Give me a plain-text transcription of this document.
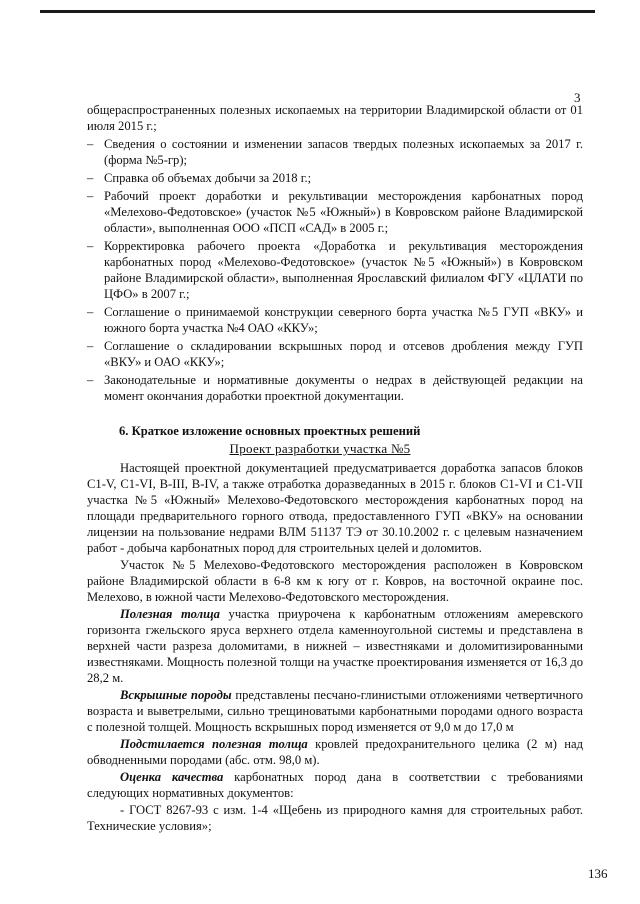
3

общераспространенных полезных ископаемых на территории Владимирской области от 01 июля 2015 г.;

– Сведения о состоянии и изменении запасов твердых полезных ископаемых за 2017 г. (форма №5-гр);
– Справка об объемах добычи за 2018 г.;
– Рабочий проект доработки и рекультивации месторождения карбонатных пород «Мелехово-Федотовское» (участок №5 «Южный») в Ковровском районе Владимирской области», выполненная ООО «ПСП «САД» в 2005 г.;
– Корректировка рабочего проекта «Доработка и рекультивация месторождения карбонатных пород «Мелехово-Федотовское» (участок №5 «Южный») в Ковровском районе Владимирской области», выполненная Ярославский филиалом ФГУ «ЦЛАТИ по ЦФО» в 2007 г.;
– Соглашение о принимаемой конструкции северного борта участка №5 ГУП «ВКУ» и южного борта участка №4 ОАО «ККУ»;
– Соглашение о складировании вскрышных пород и отсевов дробления между ГУП «ВКУ» и ОАО «ККУ»;
– Законодательные и нормативные документы о недрах в действующей редакции на момент окончания доработки проектной документации.
6. Краткое изложение основных проектных решений
Проект разработки участка №5

Настоящей проектной документацией предусматривается доработка запасов блоков C1-V, C1-VI, B-III, B-IV, а также отработка доразведанных в 2015 г. блоков C1-VI и C1-VII участка №5 «Южный» Мелехово-Федотовского месторождения карбонатных пород на площади предварительного горного отвода, предоставленного ГУП «ВКУ» на основании лицензии на пользование недрами ВЛМ 51137 ТЭ от 30.10.2002 г. с целевым назначением работ - добыча карбонатных пород для строительных целей и доломитов.

Участок №5 Мелехово-Федотовского месторождения расположен в Ковровском районе Владимирской области в 6-8 км к югу от г. Ковров, на восточной окраине пос. Мелехово, в южной части Мелехово-Федотовского месторождения.

Полезная толща участка приурочена к карбонатным отложениям амеревского горизонта гжельского яруса верхнего отдела каменноугольной системы и представлена в верхней части разреза доломитами, в нижней – известняками и доломитизированными известняками. Мощность полезной толщи на участке проектирования изменяется от 16,3 до 28,2 м.

Вскрышные породы представлены песчано-глинистыми отложениями четвертичного возраста и выветрелыми, сильно трещиноватыми карбонатными породами одного возраста с полезной толщей. Мощность вскрышных пород изменяется от 9,0 м до 17,0 м

Подстилается полезная толща кровлей предохранительного целика (2 м) над обводненными породами (абс. отм. 98,0 м).

Оценка качества карбонатных пород дана в соответствии с требованиями следующих нормативных документов:

- ГОСТ 8267-93 с изм. 1-4 «Щебень из природного камня для строительных работ. Технические условия»;

136
